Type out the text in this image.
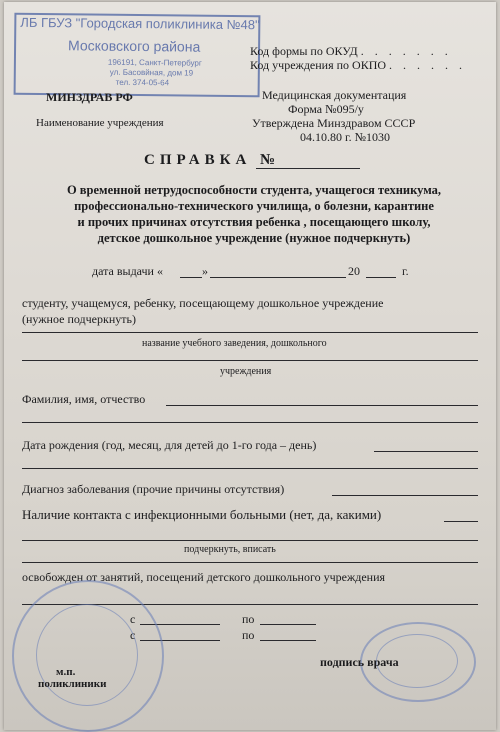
ЛБ ГБУЗ "Городская поликлиника №48"
Московского района
196191, Санкт-Петербург
ул. Басовйная, дом 19
тел. 374-05-64
Код формы по ОКУД . . . . . . .
Код учреждения по ОКПО . . . . . .
МИНЗДРАВ РФ
Наименование учреждения
Медицинская документация
Форма №095/у
Утверждена Минздравом СССР
04.10.80 г. №1030
СПРАВКА №
О временной нетрудоспособности студента, учащегося техникума,
профессионально-технического училища, о болезни, карантине
и прочих причинах отсутствия ребенка , посещающего школу,
детское дошкольное учреждение (нужное подчеркнуть)
дата выдачи «	»	20	г.
студенту, учащемуся, ребенку, посещающему дошкольное учреждение
(нужное подчеркнуть)
название учебного заведения, дошкольного
учреждения
Фамилия, имя, отчество
Дата рождения (год, месяц, для детей до 1-го года – день)
Диагноз заболевания (прочие причины отсутствия)
Наличие контакта с инфекционными больными (нет, да, какими)
подчеркнуть, вписать
освобожден от занятий, посещений детского дошкольного учреждения
с	по
с	по
м.п.
поликлиники
подпись врача
